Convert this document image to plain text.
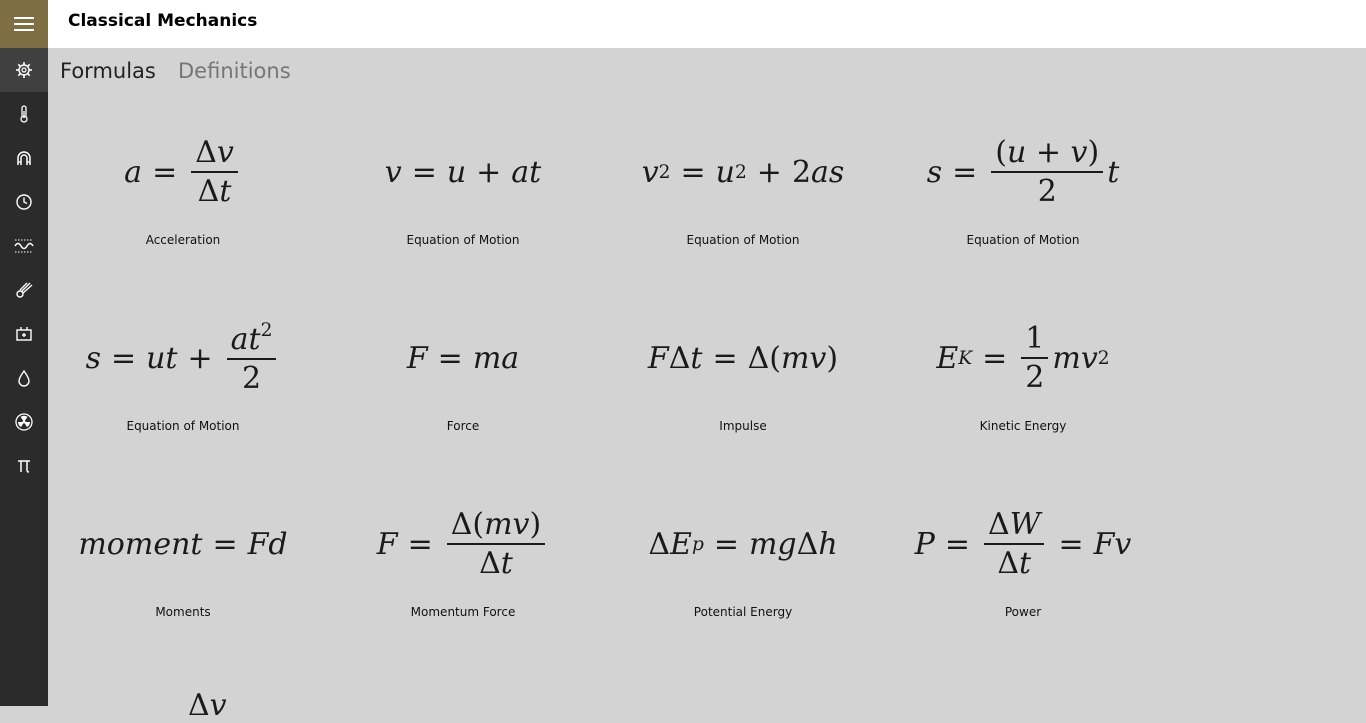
Classical Mechanics
Formulas Definitions
$a = \frac{\Delta v}{\Delta t}$
Acceleration
v = u + at
Equation of Motion
v 2 = u 2 + 2 as
Equation of Motion
$s = \frac{(u + v)}{2}$ t
Equation of Motion
s = ut + $\frac{at^2}{2}$
Equation of Motion
F = ma
Force
F Δ t = Δ( mv )
Impulse
E $K = \frac{1}{2}$ mv 2
Kinetic Energy
moment = Fd
Moments
$F = \frac{\Delta(mv)}{\Delta t}$
Momentum Force
Δ E p = mg Δ h
Potential Energy
$P = \frac{\Delta W}{\Delta t} = Fv$
Power
Δv
